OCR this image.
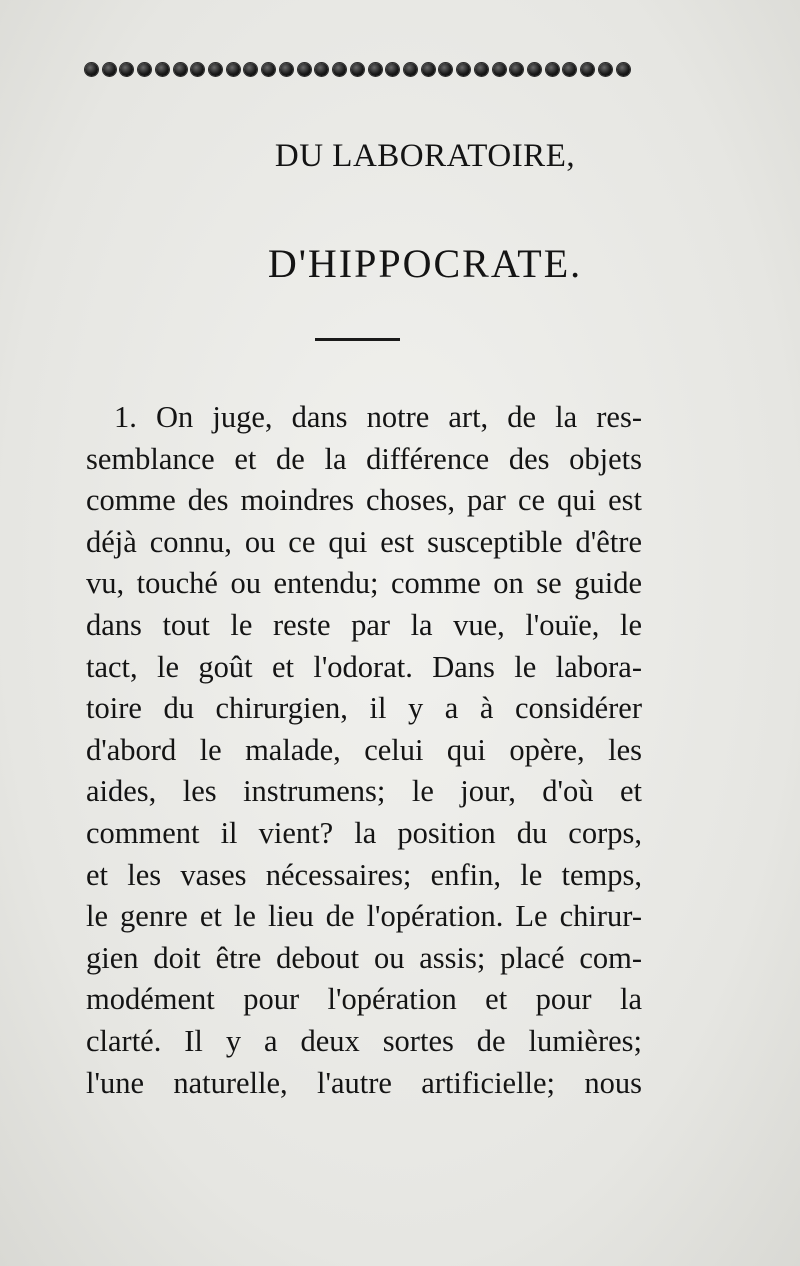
DU LABORATOIRE,
D'HIPPOCRATE.

1. On juge, dans notre art, de la res-
semblance et de la différence des objets
comme des moindres choses, par ce qui est
déjà connu, ou ce qui est susceptible d'être
vu, touché ou entendu; comme on se guide
dans tout le reste par la vue, l'ouïe, le
tact, le goût et l'odorat. Dans le labora-
toire du chirurgien, il y a à considérer
d'abord le malade, celui qui opère, les
aides, les instrumens; le jour, d'où et
comment il vient? la position du corps,
et les vases nécessaires; enfin, le temps,
le genre et le lieu de l'opération. Le chirur-
gien doit être debout ou assis; placé com-
modément pour l'opération et pour la
clarté. Il y a deux sortes de lumières;
l'une naturelle, l'autre artificielle; nous
